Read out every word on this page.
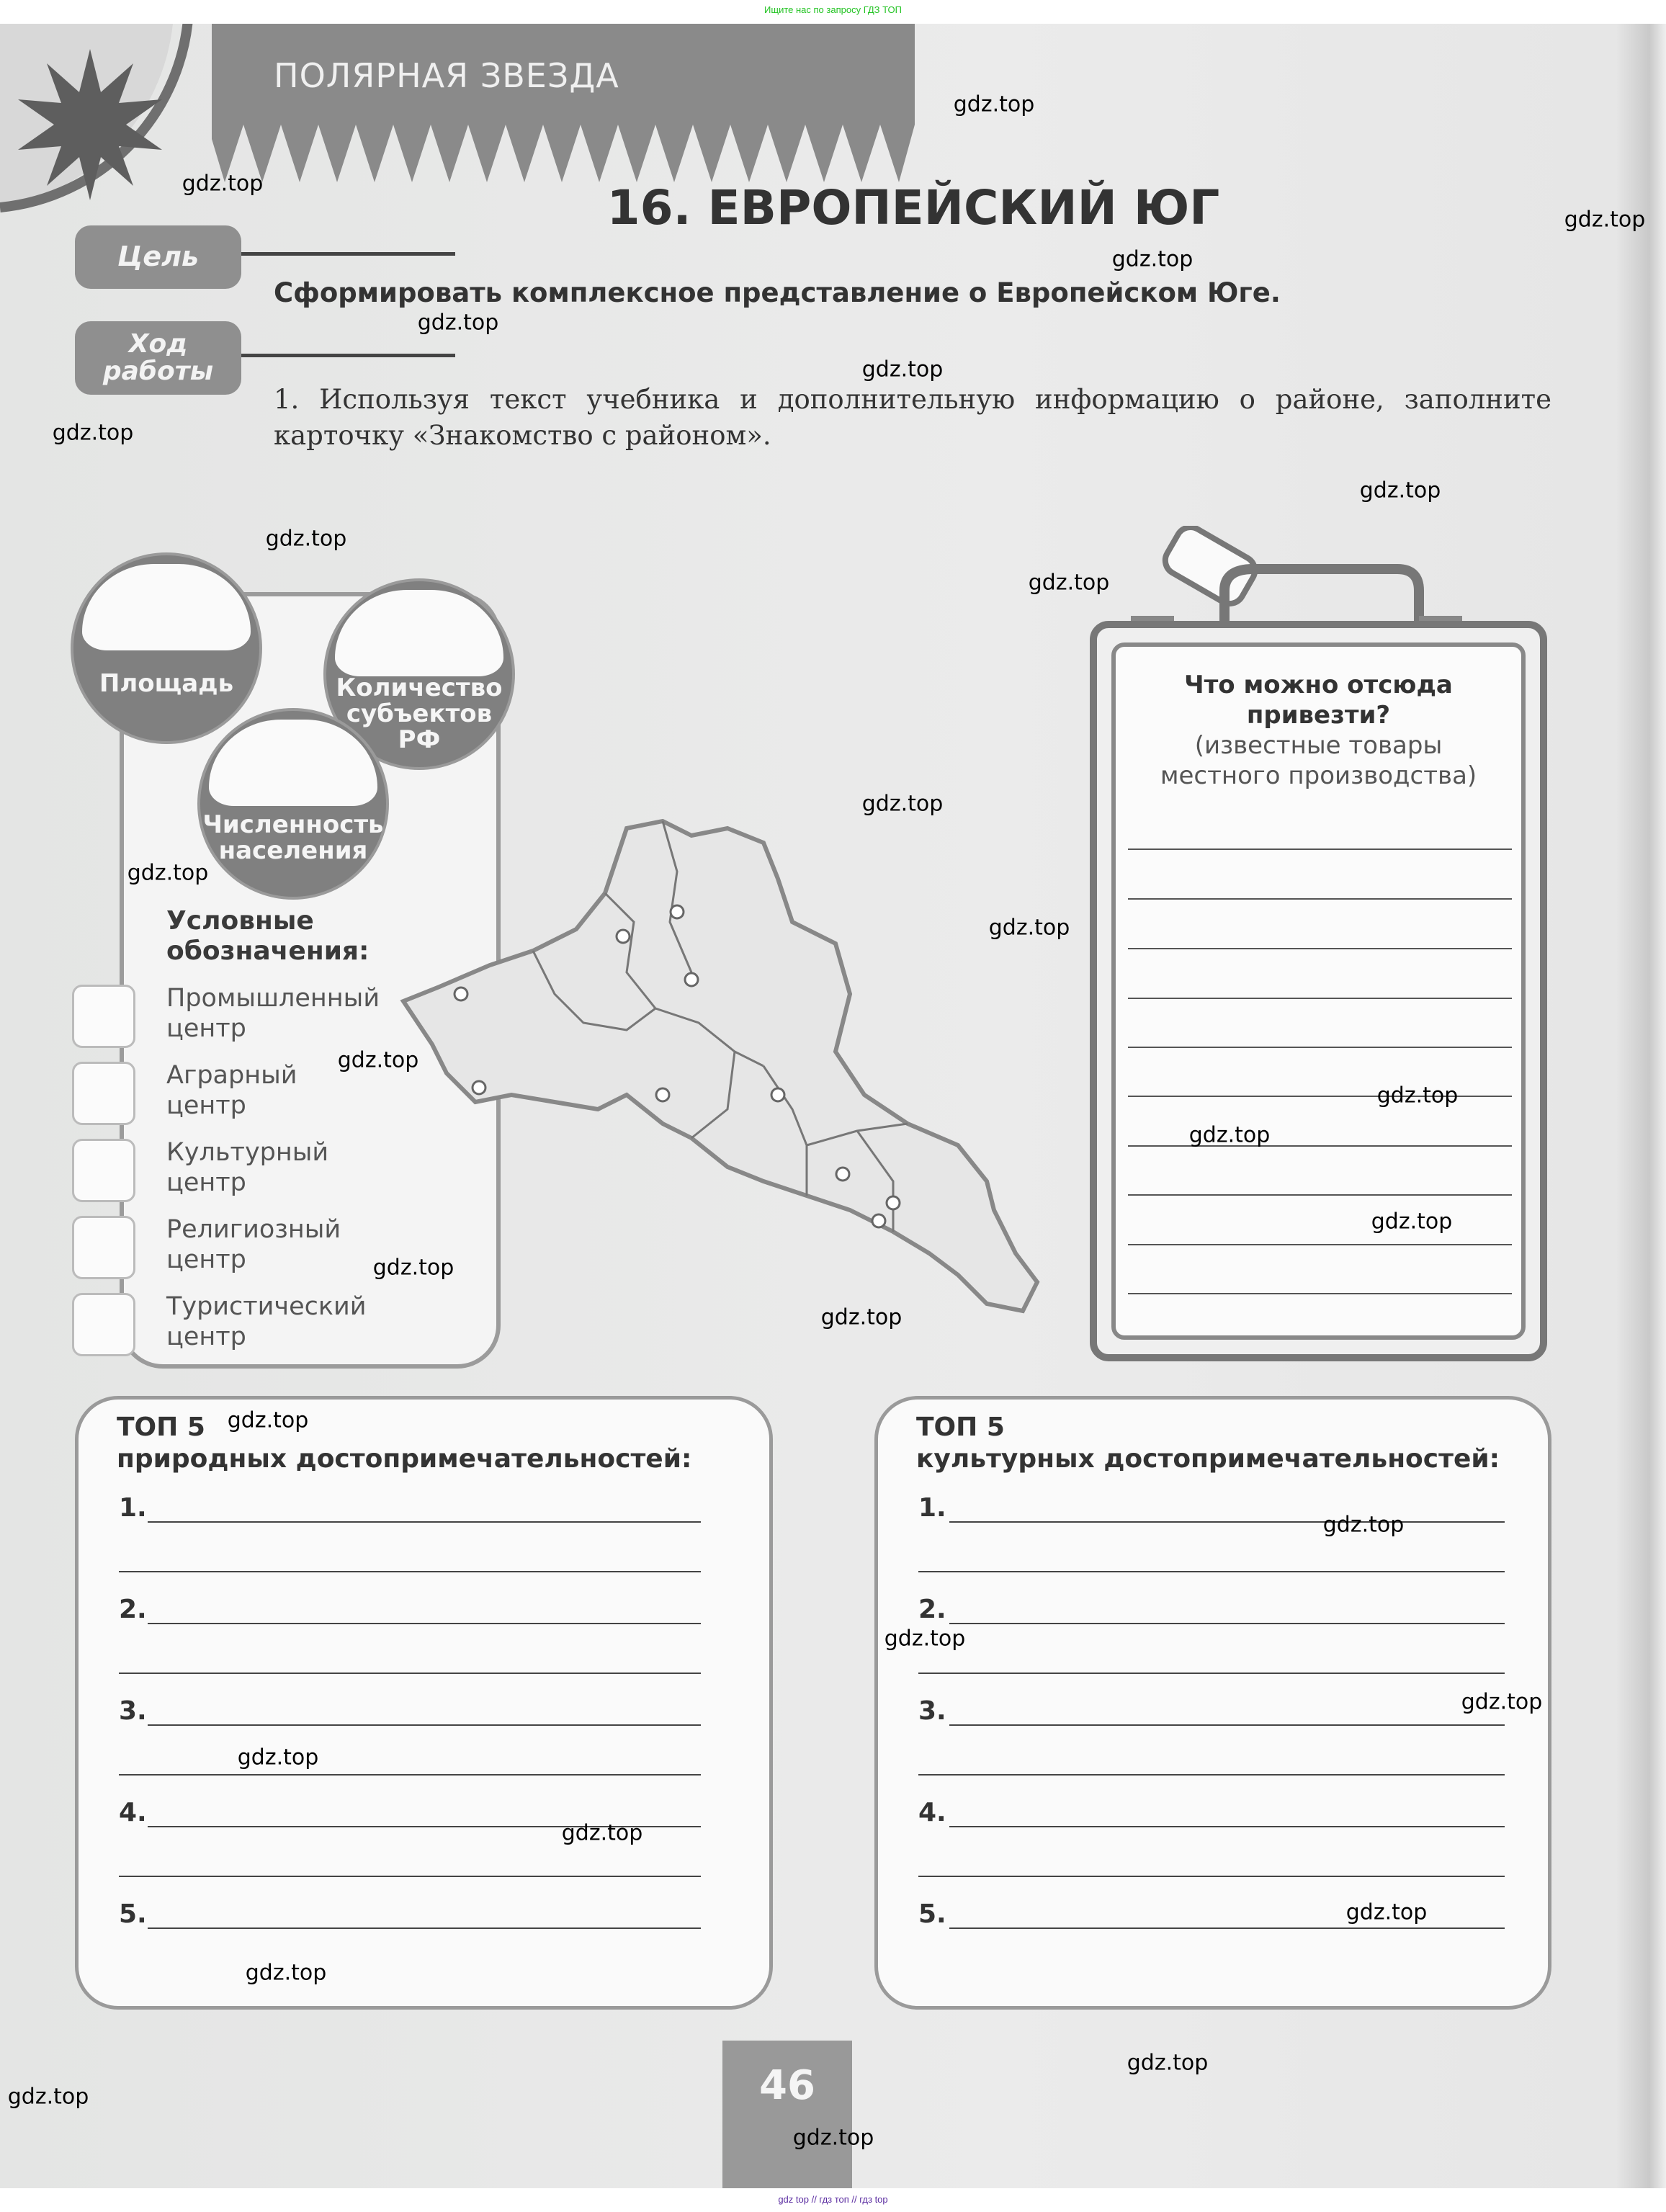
Ищите нас по запросу ГДЗ ТОП
ПОЛЯРНАЯ ЗВЕЗДА
16. ЕВРОПЕЙСКИЙ ЮГ
Цель
Сформировать комплексное представление о Европейском Юге.
Ход
работы
1. Используя текст учебника и дополнительную информацию о районе, заполните карточку «Знакомство с районом».
Площадь	Количество
субъектов
РФ
Численность
населения
Условные
обозначения:
Промышленный
центр
Аграрный
центр
Культурный
центр
Религиозный
центр
Туристический
центр
Что можно отсюда
привезти?
(известные товары
местного производства)
ТОП 5
природных достопримечательностей:
ТОП 5
культурных достопримечательностей:
1.
2.
3.
4.
5.
1.
2.
3.
4.
5.
46
gdz.top
gdz.top
gdz.top
gdz.top
gdz.top
gdz.top
gdz.top
gdz.top
gdz.top
gdz.top
gdz.top
gdz.top
gdz.top
gdz.top
gdz.top
gdz.top
gdz.top
gdz.top
gdz.top
gdz.top
gdz.top
gdz.top
gdz.top
gdz.top
gdz.top
gdz.top
gdz.top
gdz.top
gdz.top
gdz.top
gdz top // гдз топ // гдз top
